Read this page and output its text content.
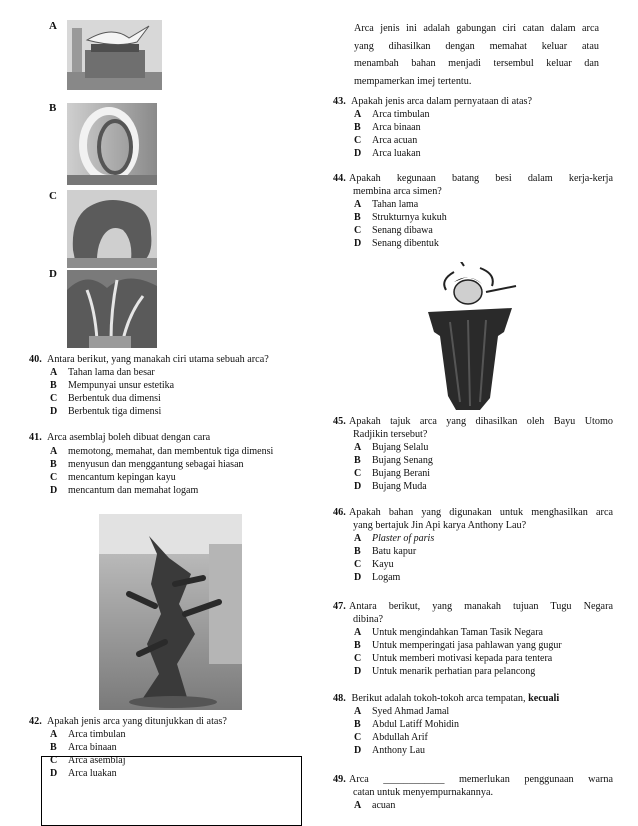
A
B
C
D
40. Antara berikut, yang manakah ciri utama sebuah arca?
A Tahan lama dan besar
B Mempunyai unsur estetika
C Berbentuk dua dimensi
D Berbentuk tiga dimensi
41. Arca asemblaj boleh dibuat dengan cara
A memotong, memahat, dan membentuk tiga dimensi
B menyusun dan menggantung sebagai hiasan
C mencantum kepingan kayu
D mencantum dan memahat logam
42. Apakah jenis arca yang ditunjukkan di atas?
A Arca timbulan
B Arca binaan
C Arca asemblaj
D Arca luakan
Arca jenis ini adalah gabungan ciri catan dalam arca
yang dihasilkan dengan memahat keluar atau
menambah bahan menjadi tersembul keluar dan
mempamerkan imej tertentu.
43. Apakah jenis arca dalam pernyataan di atas?
A Arca timbulan
B Arca binaan
C Arca acuan
D Arca luakan
44. Apakah kegunaan batang besi dalam kerja-kerja
membina arca simen?
A Tahan lama
B Strukturnya kukuh
C Senang dibawa
D Senang dibentuk
45. Apakah tajuk arca yang dihasilkan oleh Bayu Utomo
Radjikin tersebut?
A Bujang Selalu
B Bujang Senang
C Bujang Berani
D Bujang Muda
46. Apakah bahan yang digunakan untuk menghasilkan arca
yang bertajuk Jin Api karya Anthony Lau?
A Plaster of paris
B Batu kapur
C Kayu
D Logam
47. Antara berikut, yang manakah tujuan Tugu Negara
dibina?
A Untuk mengindahkan Taman Tasik Negara
B Untuk memperingati jasa pahlawan yang gugur
C Untuk memberi motivasi kepada para tentera
D Untuk menarik perhatian para pelancong
48. Berikut adalah tokoh-tokoh arca tempatan, kecuali
A Syed Ahmad Jamal
B Abdul Latiff Mohidin
C Abdullah Arif
D Anthony Lau
49. Arca ____________ memerlukan penggunaan warna
catan untuk menyempurnakannya.
A acuan
